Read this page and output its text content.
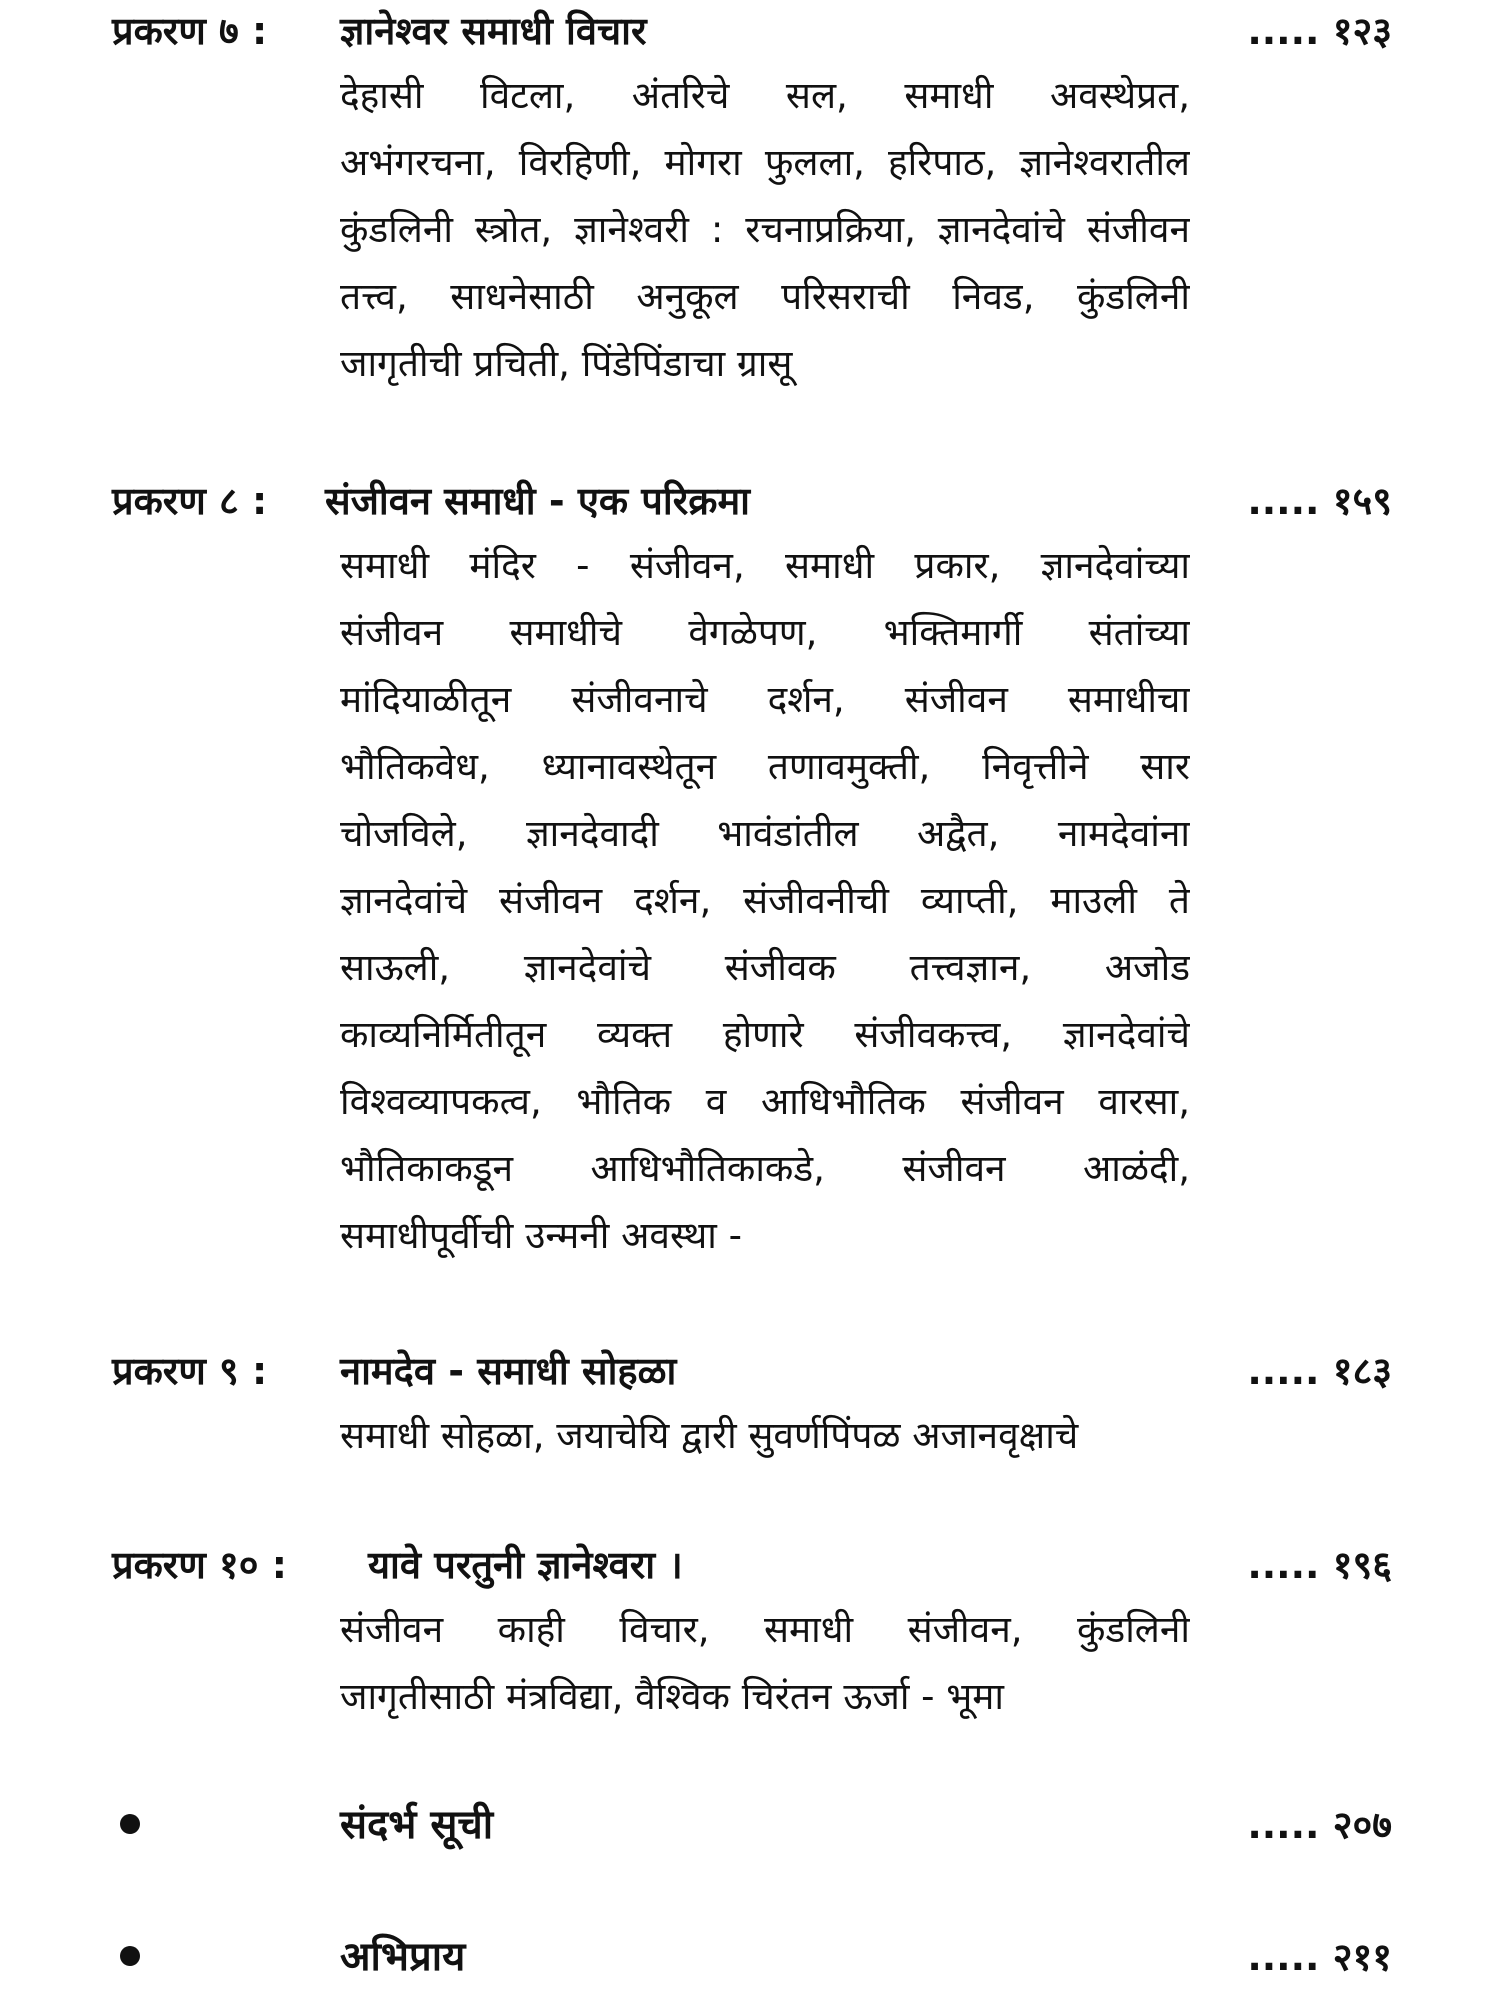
प्रकरण ७ : ज्ञानेश्वर समाधी विचार	..... १२३
देहासी विटला, अंतरिचे सल, समाधी अवस्थेप्रत,
अभंगरचना, विरहिणी, मोगरा फुलला, हरिपाठ, ज्ञानेश्वरातील
कुंडलिनी स्त्रोत, ज्ञानेश्वरी : रचनाप्रक्रिया, ज्ञानदेवांचे संजीवन
तत्त्व, साधनेसाठी अनुकूल परिसराची निवड, कुंडलिनी
जागृतीची प्रचिती, पिंडेपिंडाचा ग्रासू
प्रकरण ८ : संजीवन समाधी - एक परिक्रमा	..... १५९
समाधी मंदिर - संजीवन, समाधी प्रकार, ज्ञानदेवांच्या
संजीवन समाधीचे वेगळेपण, भक्तिमार्गी संतांच्या
मांदियाळीतून संजीवनाचे दर्शन, संजीवन समाधीचा
भौतिकवेध, ध्यानावस्थेतून तणावमुक्ती, निवृत्तीने सार
चोजविले, ज्ञानदेवादी भावंडांतील अद्वैत, नामदेवांना
ज्ञानदेवांचे संजीवन दर्शन, संजीवनीची व्याप्ती, माउली ते
साऊली, ज्ञानदेवांचे संजीवक तत्त्वज्ञान, अजोड
काव्यनिर्मितीतून व्यक्त होणारे संजीवकत्त्व, ज्ञानदेवांचे
विश्वव्यापकत्व, भौतिक व आधिभौतिक संजीवन वारसा,
भौतिकाकडून आधिभौतिकाकडे, संजीवन आळंदी,
समाधीपूर्वीची उन्मनी अवस्था -
प्रकरण ९ : नामदेव - समाधी सोहळा	..... १८३
समाधी सोहळा, जयाचेयि द्वारी सुवर्णपिंपळ अजानवृक्षाचे
प्रकरण १० : यावे परतुनी ज्ञानेश्वरा ।	..... १९६
संजीवन काही विचार, समाधी संजीवन, कुंडलिनी
जागृतीसाठी मंत्रविद्या, वैश्विक चिरंतन ऊर्जा - भूमा
संदर्भ सूची	..... २०७
अभिप्राय	..... २११
